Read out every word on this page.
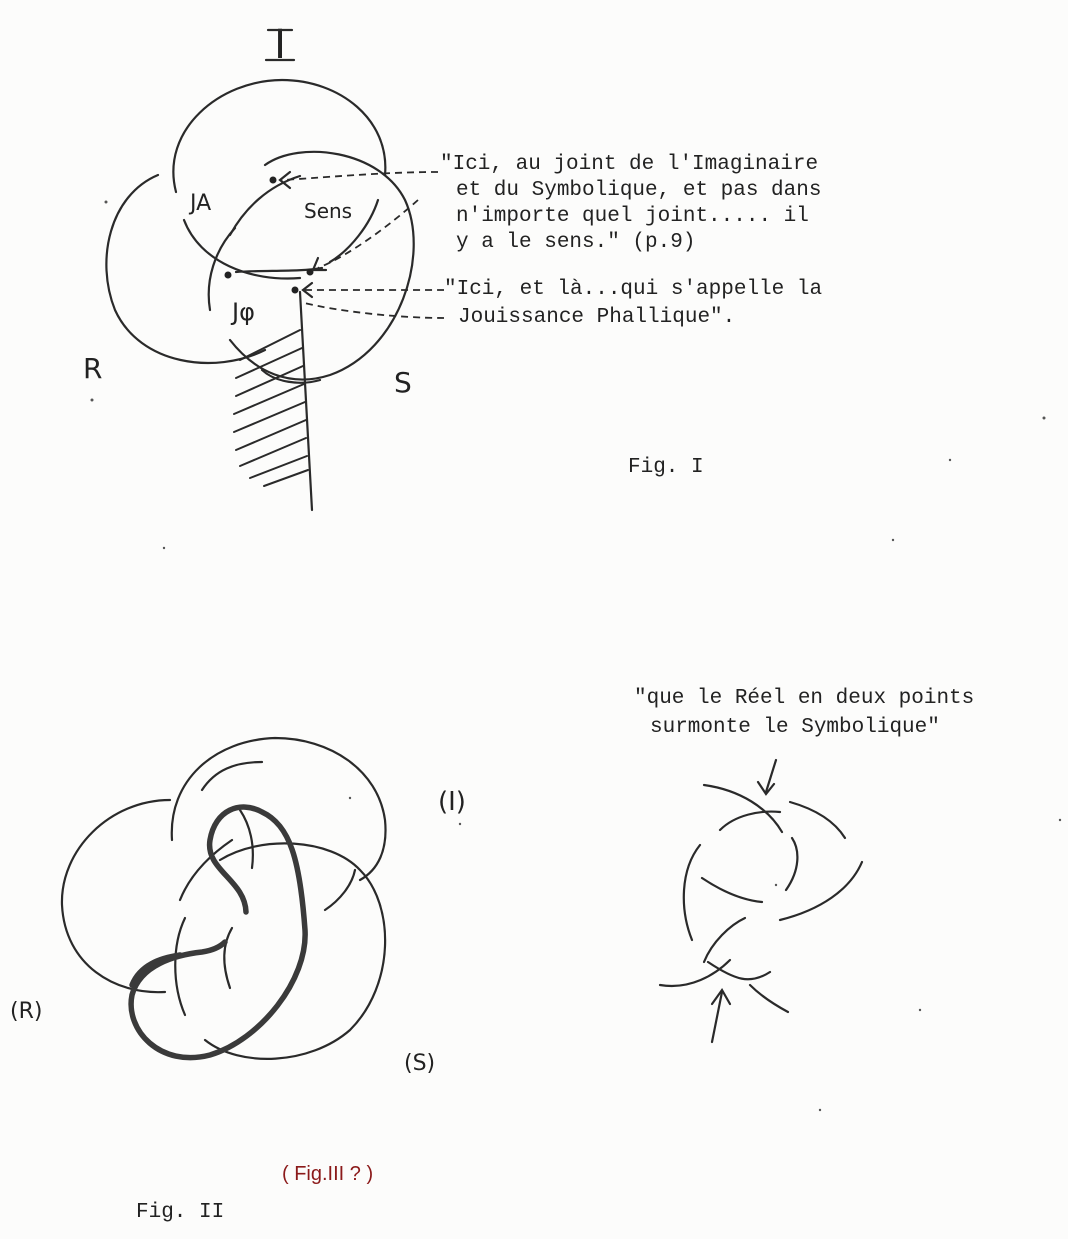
I
R	S
JA	Sens
Jφ
"Ici, au joint de l'Imaginaire
et du Symbolique, et pas dans
n'importe quel joint..... il
y a le sens." (p.9)
"Ici, et là...qui s'appelle la
Jouissance Phallique".
Fig. I
(I)
(R)
(S)
"que le Réel en deux points
surmonte le Symbolique"
( Fig.III ? )
Fig. II
